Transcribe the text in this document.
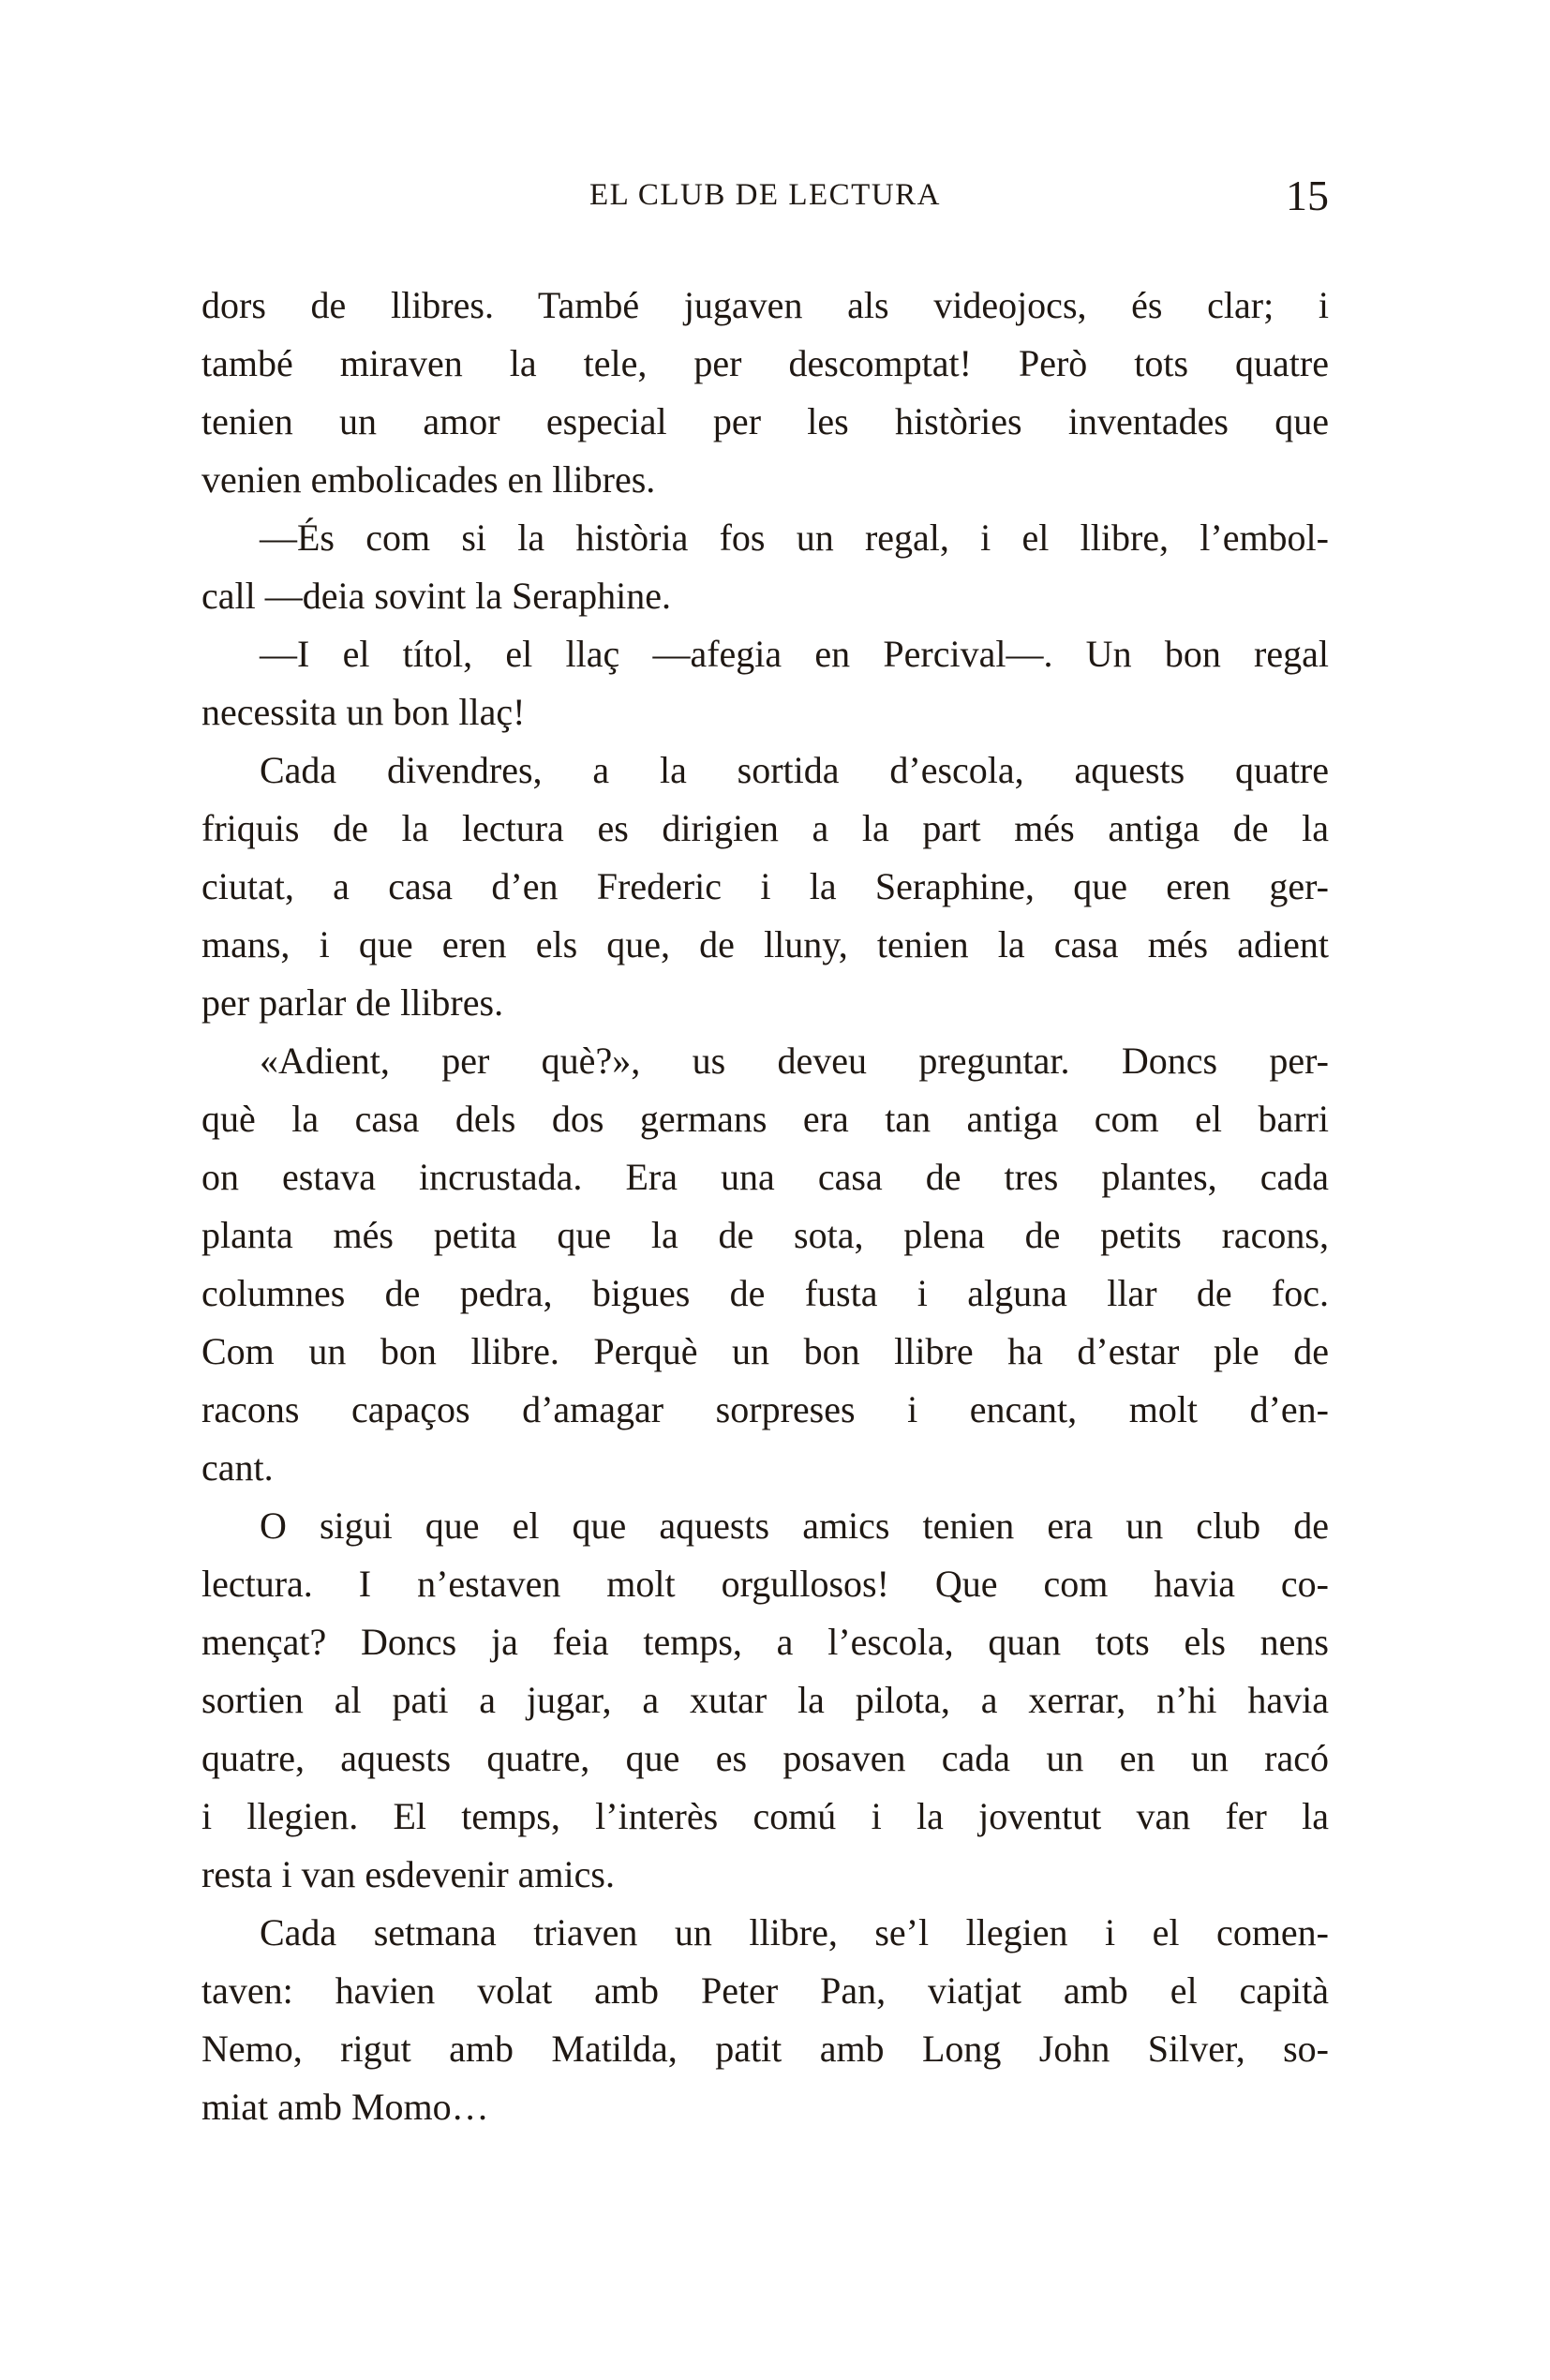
EL CLUB DE LECTURA	15
dors de llibres. També jugaven als videojocs, és clar; i
també miraven la tele, per descomptat! Però tots quatre
tenien un amor especial per les històries inventades que
venien embolicades en llibres.
—És com si la història fos un regal, i el llibre, l’embol-
call —deia sovint la Seraphine.
—I el títol, el llaç —afegia en Percival—. Un bon regal
necessita un bon llaç!
Cada divendres, a la sortida d’escola, aquests quatre
friquis de la lectura es dirigien a la part més antiga de la
ciutat, a casa d’en Frederic i la Seraphine, que eren ger-
mans, i que eren els que, de lluny, tenien la casa més adient
per parlar de llibres.
«Adient, per què?», us deveu preguntar. Doncs per-
què la casa dels dos germans era tan antiga com el barri
on estava incrustada. Era una casa de tres plantes, cada
planta més petita que la de sota, plena de petits racons,
columnes de pedra, bigues de fusta i alguna llar de foc.
Com un bon llibre. Perquè un bon llibre ha d’estar ple de
racons capaços d’amagar sorpreses i encant, molt d’en-
cant.
O sigui que el que aquests amics tenien era un club de
lectura. I n’estaven molt orgullosos! Que com havia co-
mençat? Doncs ja feia temps, a l’escola, quan tots els nens
sortien al pati a jugar, a xutar la pilota, a xerrar, n’hi havia
quatre, aquests quatre, que es posaven cada un en un racó
i llegien. El temps, l’interès comú i la joventut van fer la
resta i van esdevenir amics.
Cada setmana triaven un llibre, se’l llegien i el comen-
taven: havien volat amb Peter Pan, viatjat amb el capità
Nemo, rigut amb Matilda, patit amb Long John Silver, so-
miat amb Momo…
